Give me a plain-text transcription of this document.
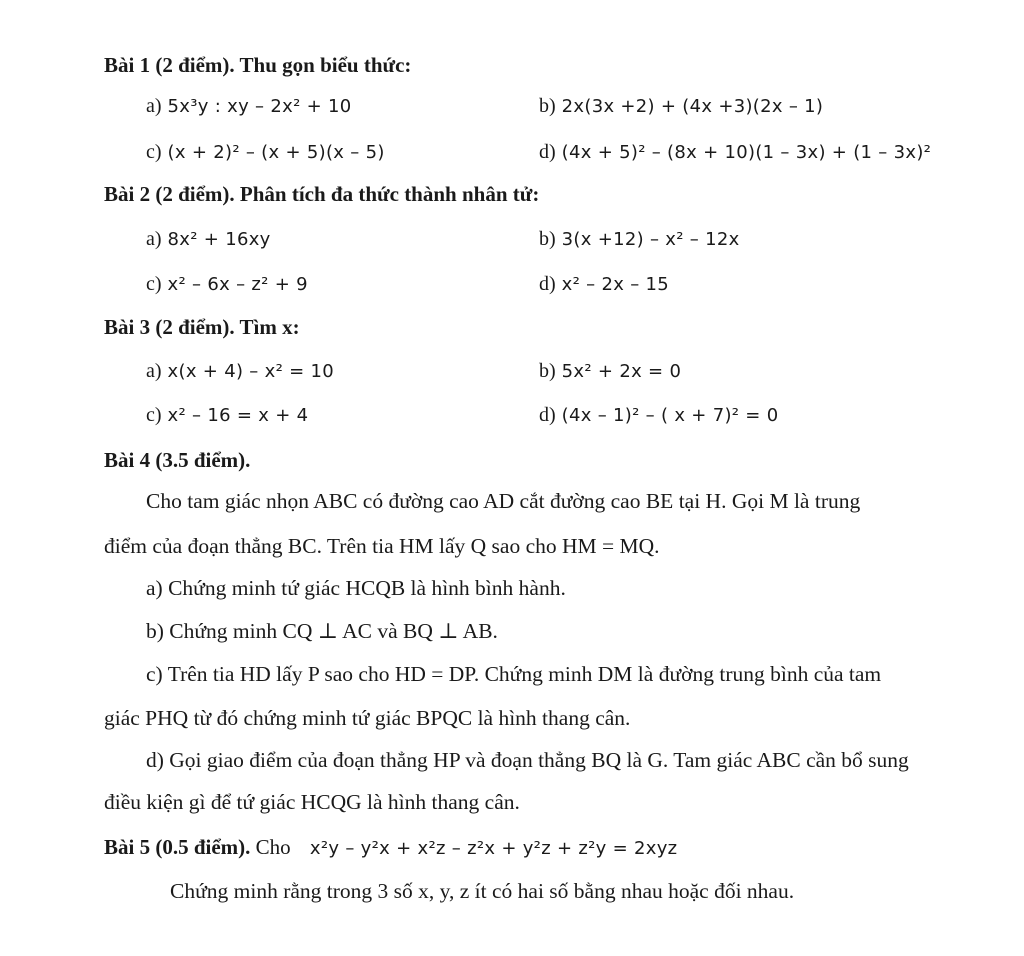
Bài 1 (2 điểm). Thu gọn biểu thức:
a) 5x³y : xy – 2x² + 10	b) 2x(3x +2) + (4x +3)(2x – 1)
c) (x + 2)² – (x + 5)(x – 5)	d) (4x + 5)² – (8x + 10)(1 – 3x) + (1 – 3x)²
Bài 2 (2 điểm). Phân tích đa thức thành nhân tử:
a) 8x² + 16xy	b) 3(x +12) – x² – 12x
c) x² – 6x – z² + 9	d) x² – 2x – 15
Bài 3 (2 điểm). Tìm x:
a) x(x + 4) – x² = 10	b) 5x² + 2x = 0
c) x² – 16 = x + 4	d) (4x – 1)² – ( x + 7)² = 0
Bài 4 (3.5 điểm).
Cho tam giác nhọn ABC có đường cao AD cắt đường cao BE tại H. Gọi M là trung
điểm của đoạn thẳng BC. Trên tia HM lấy Q sao cho HM = MQ.
a) Chứng minh tứ giác HCQB là hình bình hành.
b) Chứng minh CQ ⊥ AC và BQ ⊥ AB.
c) Trên tia HD lấy P sao cho HD = DP. Chứng minh DM là đường trung bình của tam
giác PHQ từ đó chứng minh tứ giác BPQC là hình thang cân.
d) Gọi giao điểm của đoạn thẳng HP và đoạn thẳng BQ là G. Tam giác ABC cần bổ sung
điều kiện gì để tứ giác HCQG là hình thang cân.
Bài 5 (0.5 điểm). Cho x²y – y²x + x²z – z²x + y²z + z²y = 2xyz
Chứng minh rằng trong 3 số x, y, z ít có hai số bằng nhau hoặc đối nhau.
